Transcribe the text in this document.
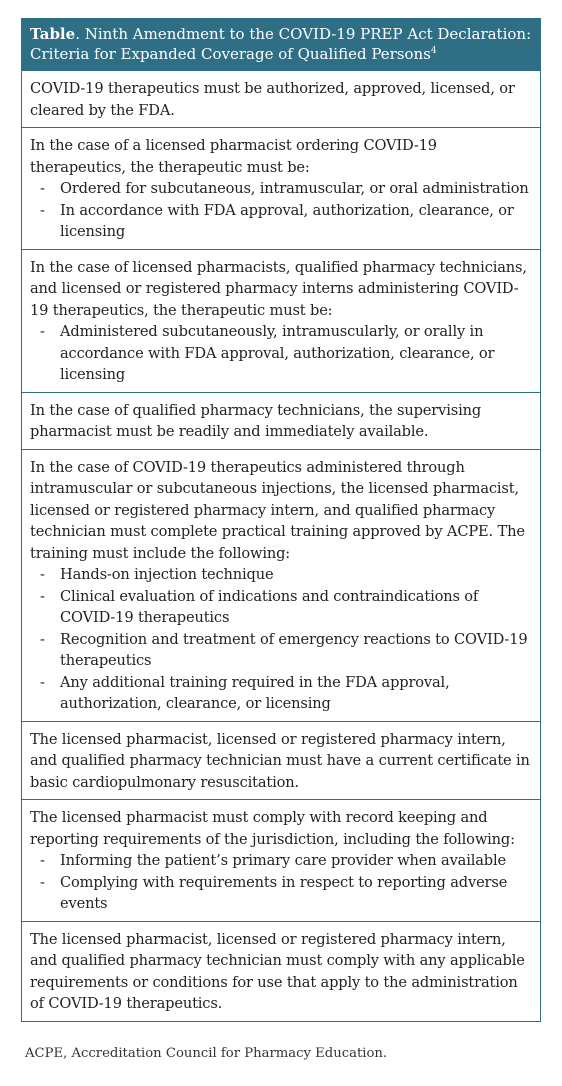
Table. Ninth Amendment to the COVID-19 PREP Act Declaration: Criteria for Expanded Coverage of Qualified Persons$^4$

COVID-19 therapeutics must be authorized, approved, licensed, or cleared by the FDA.

In the case of a licensed pharmacist ordering COVID-19 therapeutics, the therapeutic must be:

- Ordered for subcutaneous, intramuscular, or oral administration
- In accordance with FDA approval, authorization, clearance, or licensing

In the case of licensed pharmacists, qualified pharmacy technicians, and licensed or registered pharmacy interns administering COVID-19 therapeutics, the therapeutic must be:

- Administered subcutaneously, intramuscularly, or orally in accordance with FDA approval, authorization, clearance, or licensing

In the case of qualified pharmacy technicians, the supervising pharmacist must be readily and immediately available.

In the case of COVID-19 therapeutics administered through intramuscular or subcutaneous injections, the licensed pharmacist, licensed or registered pharmacy intern, and qualified pharmacy technician must complete practical training approved by ACPE. The training must include the following:

- Hands-on injection technique
- Clinical evaluation of indications and contraindications of COVID-19 therapeutics
- Recognition and treatment of emergency reactions to COVID-19 therapeutics
- Any additional training required in the FDA approval, authorization, clearance, or licensing

The licensed pharmacist, licensed or registered pharmacy intern, and qualified pharmacy technician must have a current certificate in basic cardiopulmonary resuscitation.

The licensed pharmacist must comply with record keeping and reporting requirements of the jurisdiction, including the following:

- Informing the patient’s primary care provider when available
- Complying with requirements in respect to reporting adverse events

The licensed pharmacist, licensed or registered pharmacy intern, and qualified pharmacy technician must comply with any applicable requirements or conditions for use that apply to the administration of COVID-19 therapeutics.

ACPE, Accreditation Council for Pharmacy Education.
